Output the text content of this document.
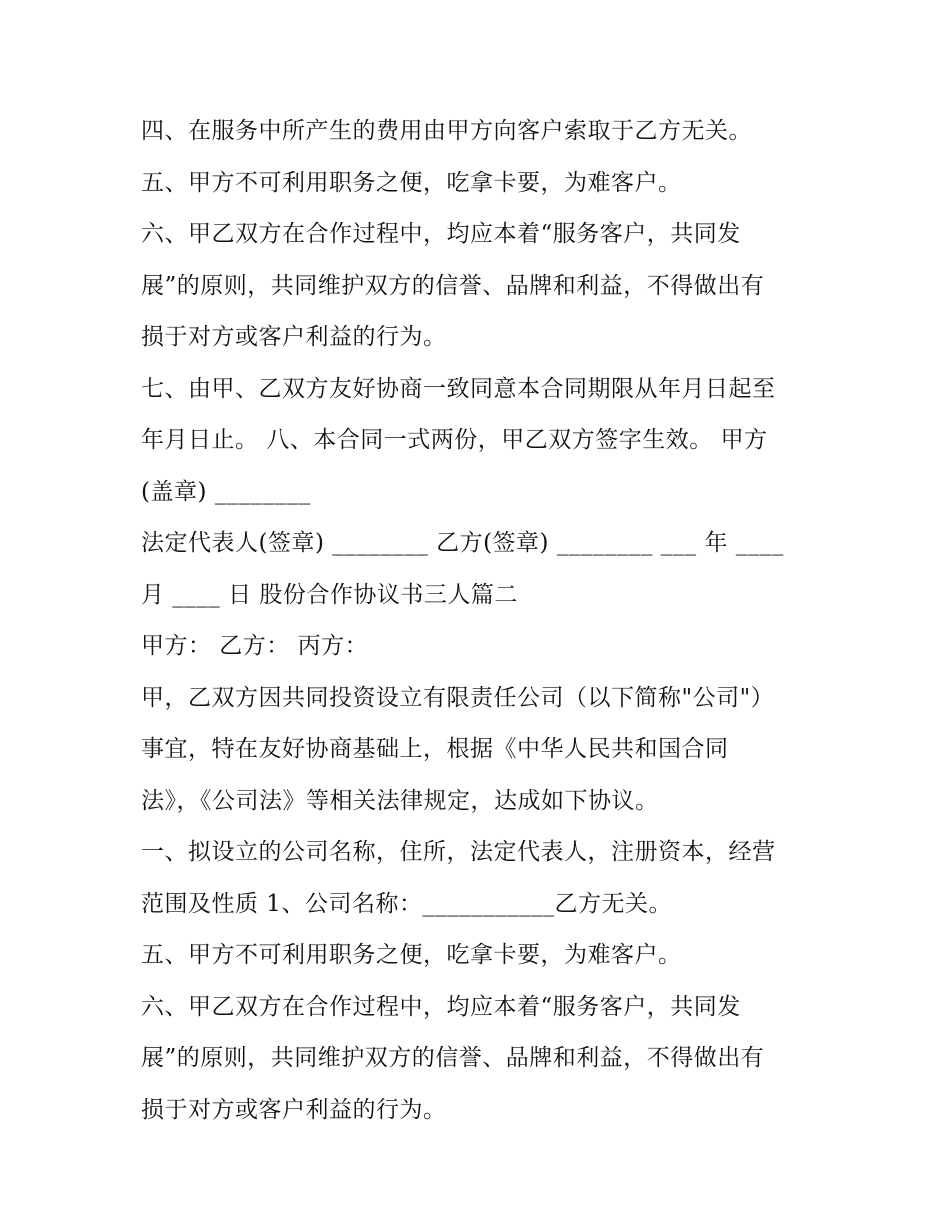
四、在服务中所产生的费用由甲方向客户索取于乙方无关。
五、甲方不可利用职务之便，吃拿卡要，为难客户。
六、甲乙双方在合作过程中，均应本着“服务客户，共同发
展”的原则，共同维护双方的信誉、品牌和利益，不得做出有
损于对方或客户利益的行为。
七、由甲、乙双方友好协商一致同意本合同期限从年月日起至
年月日止。 八、本合同一式两份，甲乙双方签字生效。 甲方
(盖章) ________
法定代表人(签章) ________ 乙方(签章) ________ ___ 年 ____
月 ____ 日 股份合作协议书三人篇二
甲方： 乙方： 丙方：
甲，乙双方因共同投资设立有限责任公司（以下简称"公司"）
事宜，特在友好协商基础上，根据《中华人民共和国合同
法》，《公司法》等相关法律规定，达成如下协议。
一、拟设立的公司名称，住所，法定代表人，注册资本，经营
范围及性质 1、公司名称：___________乙方无关。
五、甲方不可利用职务之便，吃拿卡要，为难客户。
六、甲乙双方在合作过程中，均应本着“服务客户，共同发
展”的原则，共同维护双方的信誉、品牌和利益，不得做出有
损于对方或客户利益的行为。
